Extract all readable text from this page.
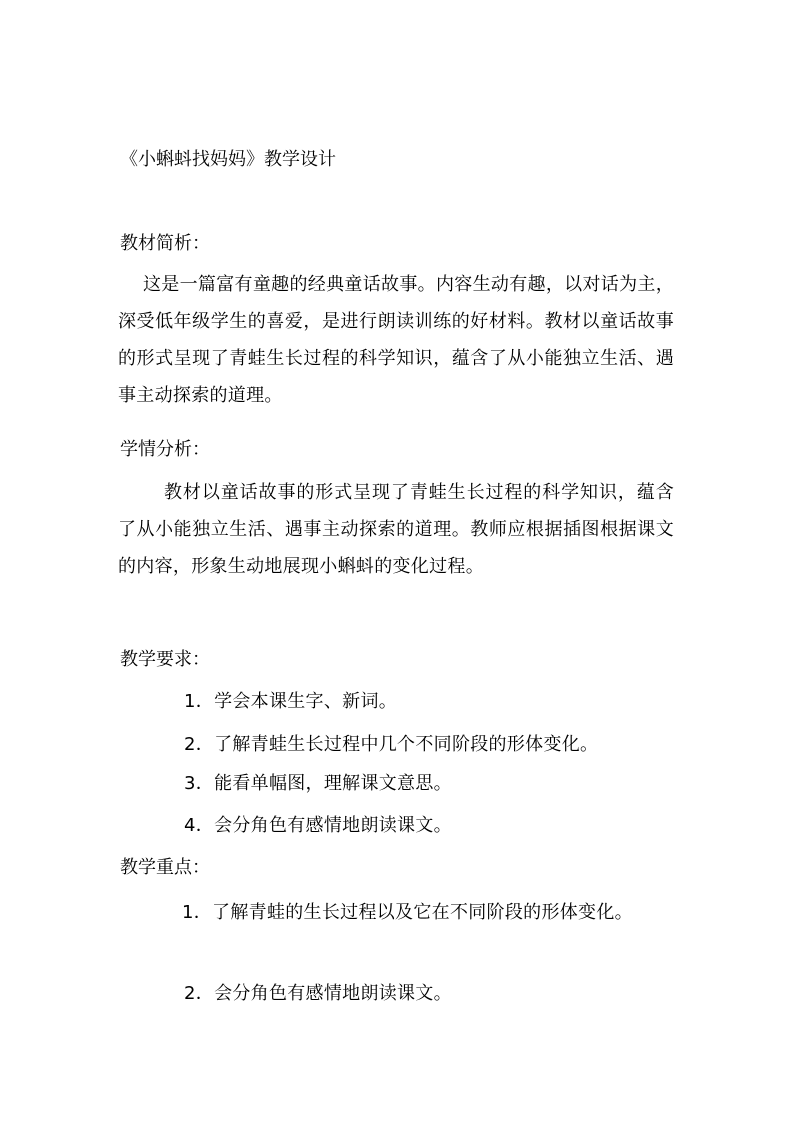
《小蝌蚪找妈妈》教学设计
教材简析：
这是一篇富有童趣的经典童话故事。内容生动有趣，以对话为主，深受低年级学生的喜爱，是进行朗读训练的好材料。教材以童话故事的形式呈现了青蛙生长过程的科学知识，蕴含了从小能独立生活、遇事主动探索的道理。
学情分析：
教材以童话故事的形式呈现了青蛙生长过程的科学知识，蕴含了从小能独立生活、遇事主动探索的道理。教师应根据插图根据课文的内容，形象生动地展现小蝌蚪的变化过程。
教学要求：
1．学会本课生字、新词。
2．了解青蛙生长过程中几个不同阶段的形体变化。
3．能看单幅图，理解课文意思。
4．会分角色有感情地朗读课文。
教学重点：
1．了解青蛙的生长过程以及它在不同阶段的形体变化。
2．会分角色有感情地朗读课文。
